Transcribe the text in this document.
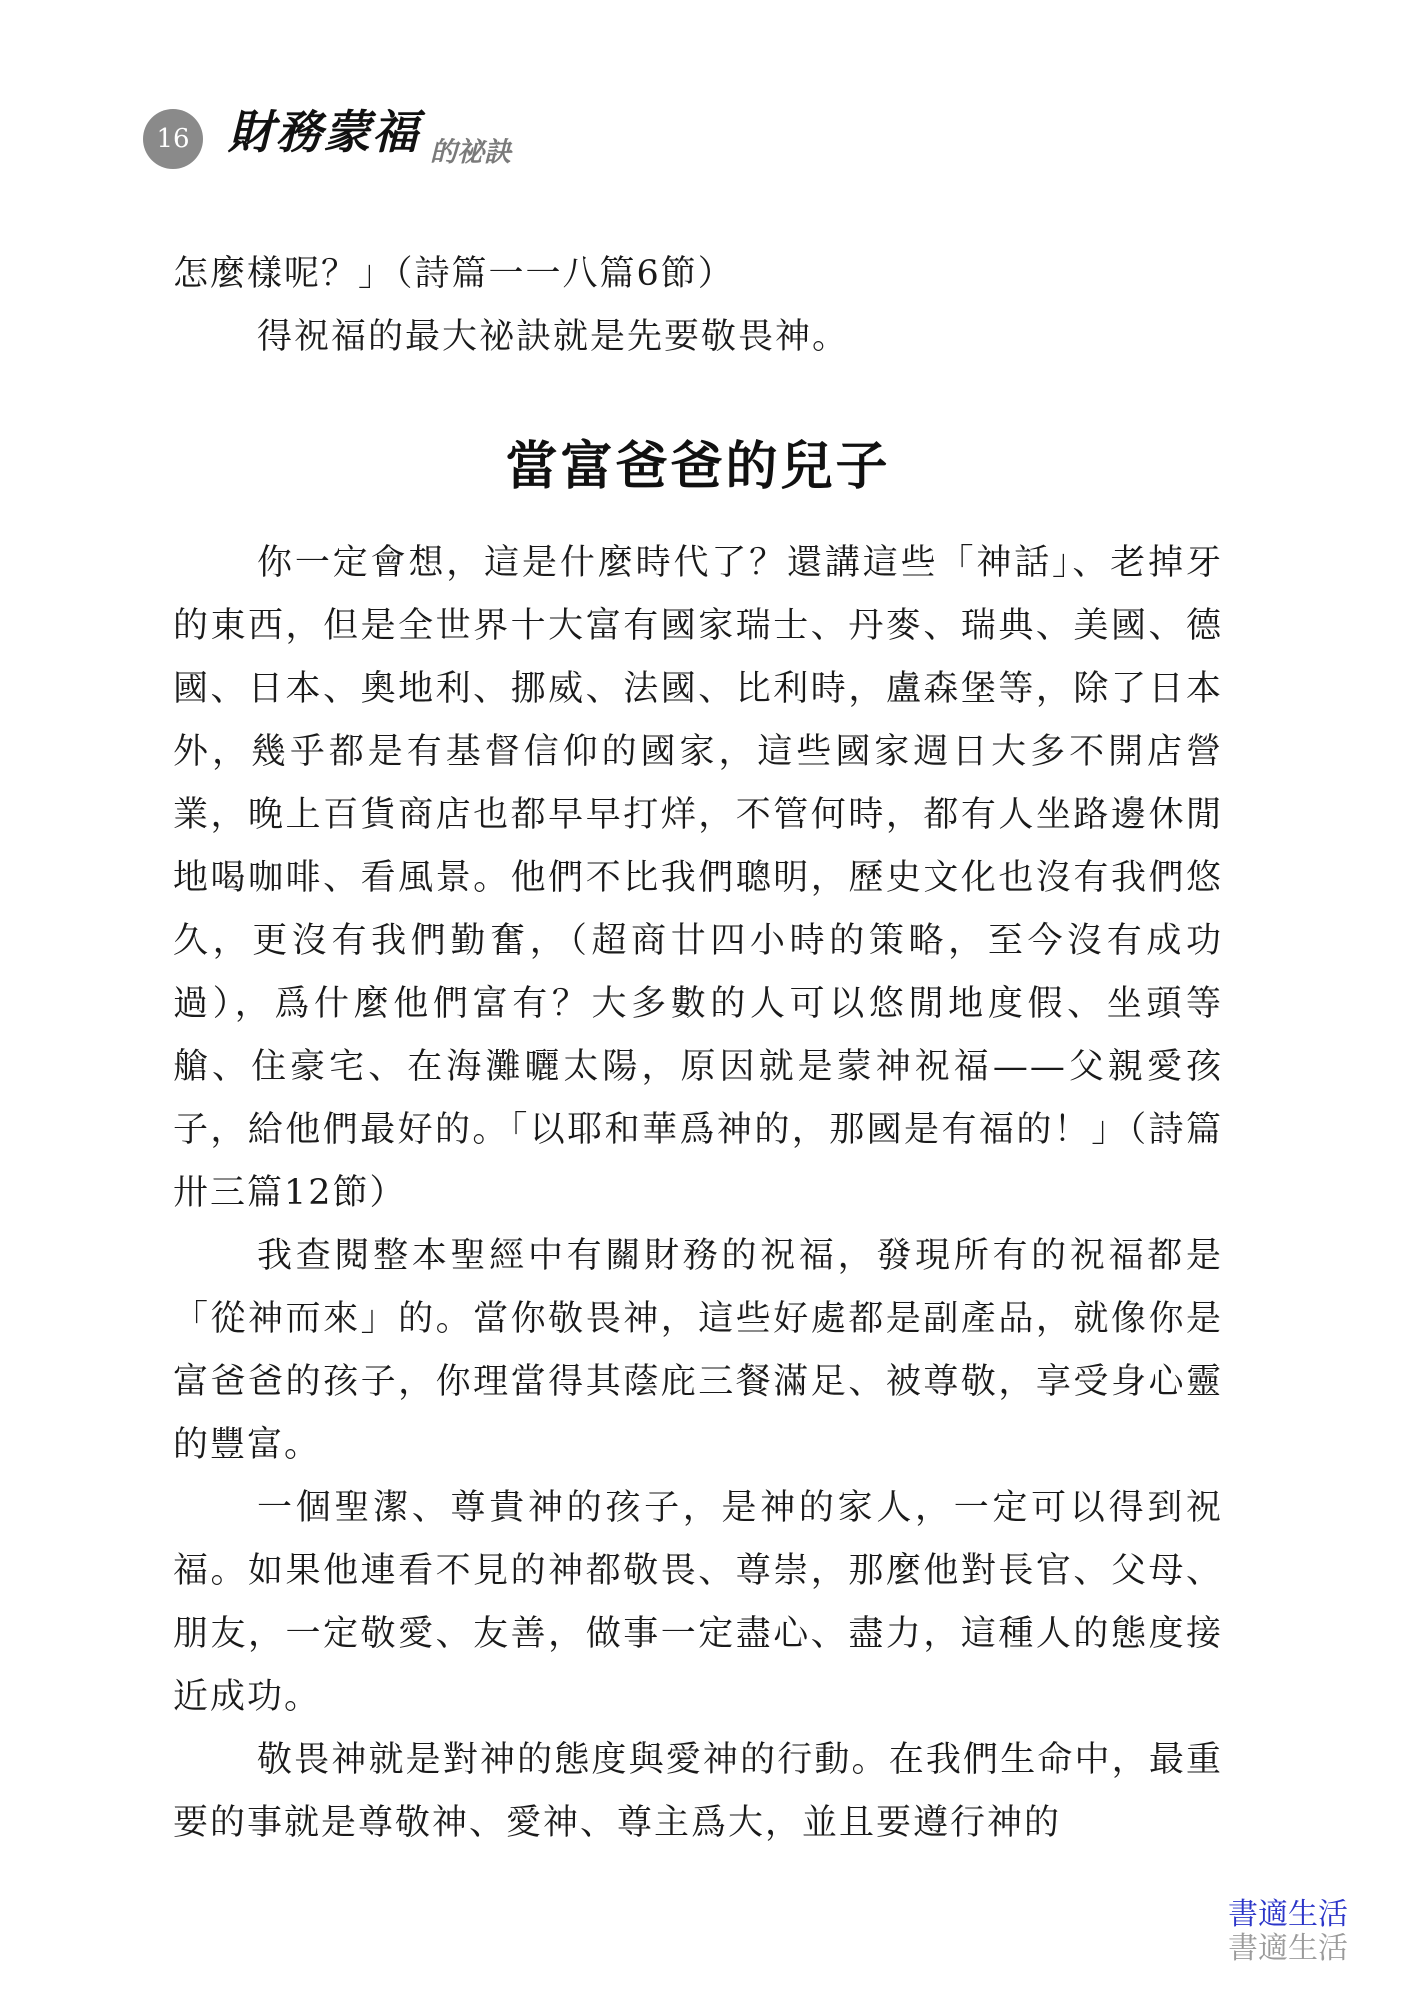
16 財務蒙福 的祕訣

怎麼樣呢？」（詩篇一一八篇6節）

得祝福的最大祕訣就是先要敬畏神。

當富爸爸的兒子

你一定會想，這是什麼時代了？還講這些「神話」、老掉牙的東西，但是全世界十大富有國家瑞士、丹麥、瑞典、美國、德國、日本、奧地利、挪威、法國、比利時，盧森堡等，除了日本外，幾乎都是有基督信仰的國家，這些國家週日大多不開店營業，晚上百貨商店也都早早打烊，不管何時，都有人坐路邊休閒地喝咖啡、看風景。他們不比我們聰明，歷史文化也沒有我們悠久，更沒有我們勤奮，（超商廿四小時的策略，至今沒有成功過），爲什麼他們富有？大多數的人可以悠閒地度假、坐頭等艙、住豪宅、在海灘曬太陽，原因就是蒙神祝福——父親愛孩子，給他們最好的。「以耶和華爲神的，那國是有福的！」（詩篇卅三篇12節）

我查閱整本聖經中有關財務的祝福，發現所有的祝福都是「從神而來」的。當你敬畏神，這些好處都是副產品，就像你是富爸爸的孩子，你理當得其蔭庇三餐滿足、被尊敬，享受身心靈的豐富。

一個聖潔、尊貴神的孩子，是神的家人，一定可以得到祝福。如果他連看不見的神都敬畏、尊崇，那麼他對長官、父母、朋友，一定敬愛、友善，做事一定盡心、盡力，這種人的態度接近成功。

敬畏神就是對神的態度與愛神的行動。在我們生命中，最重要的事就是尊敬神、愛神、尊主爲大，並且要遵行神的

書適生活
書適生活
